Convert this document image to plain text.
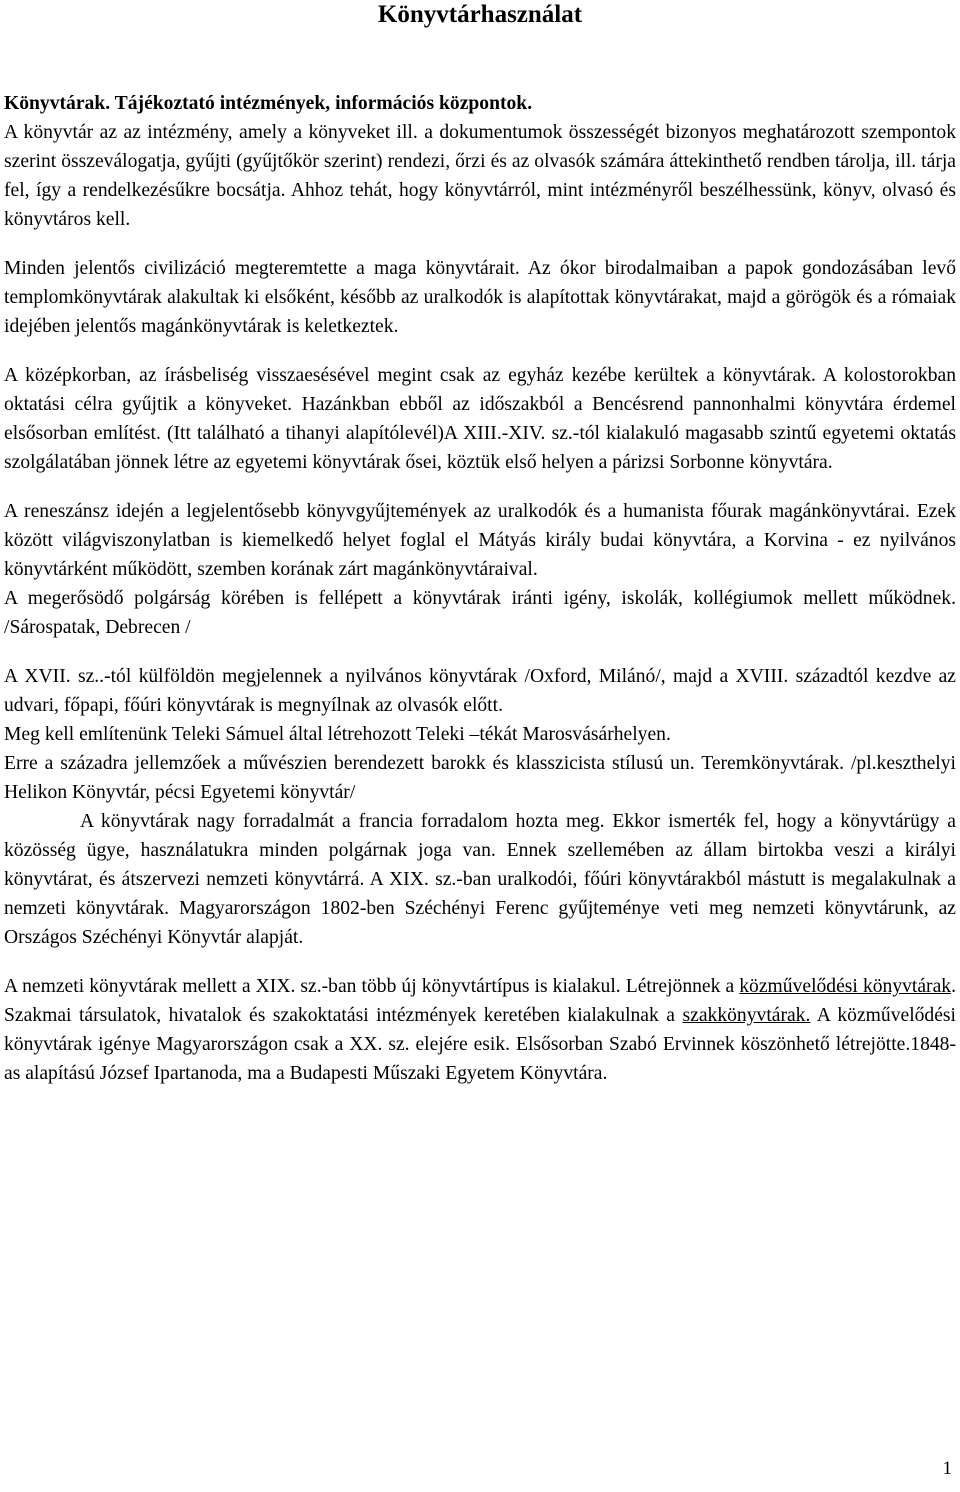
Könyvtárhasználat

Könyvtárak. Tájékoztató intézmények, információs központok.

A könyvtár az az intézmény, amely a könyveket ill. a dokumentumok összességét bizonyos meghatározott szempontok szerint összeválogatja, gyűjti (gyűjtőkör szerint) rendezi, őrzi és az olvasók számára áttekinthető rendben tárolja, ill. tárja fel, így a rendelkezésűkre bocsátja. Ahhoz tehát, hogy könyvtárról, mint intézményről beszélhessünk, könyv, olvasó és könyvtáros kell.

Minden jelentős civilizáció megteremtette a maga könyvtárait. Az ókor birodalmaiban a papok gondozásában levő templomkönyvtárak alakultak ki elsőként, később az uralkodók is alapítottak könyvtárakat, majd a görögök és a rómaiak idejében jelentős magánkönyvtárak is keletkeztek.

A középkorban, az írásbeliség visszaesésével megint csak az egyház kezébe kerültek a könyvtárak. A kolostorokban oktatási célra gyűjtik a könyveket. Hazánkban ebből az időszakból a Bencésrend pannonhalmi könyvtára érdemel elsősorban említést. (Itt található a tihanyi alapítólevél)A XIII.-XIV. sz.-tól kialakuló magasabb szintű egyetemi oktatás szolgálatában jönnek létre az egyetemi könyvtárak ősei, köztük első helyen a párizsi Sorbonne könyvtára.

A reneszánsz idején a legjelentősebb könyvgyűjtemények az uralkodók és a humanista főurak magánkönyvtárai. Ezek között világviszonylatban is kiemelkedő helyet foglal el Mátyás király budai könyvtára, a Korvina - ez nyilvános könyvtárként működött, szemben korának zárt magánkönyvtáraival.

A megerősödő polgárság körében is fellépett a könyvtárak iránti igény, iskolák, kollégiumok mellett működnek. /Sárospatak, Debrecen /

A XVII. sz..-tól külföldön megjelennek a nyilvános könyvtárak /Oxford, Milánó/, majd a XVIII. századtól kezdve az udvari, főpapi, főúri könyvtárak is megnyílnak az olvasók előtt.

Meg kell említenünk Teleki Sámuel által létrehozott Teleki –tékát Marosvásárhelyen.

Erre a századra jellemzőek a művészien berendezett barokk és klasszicista stílusú un. Teremkönyvtárak. /pl.keszthelyi Helikon Könyvtár, pécsi Egyetemi könyvtár/

A könyvtárak nagy forradalmát a francia forradalom hozta meg. Ekkor ismerték fel, hogy a könyvtárügy a közösség ügye, használatukra minden polgárnak joga van. Ennek szellemében az állam birtokba veszi a királyi könyvtárat, és átszervezi nemzeti könyvtárrá. A XIX. sz.-ban uralkodói, főúri könyvtárakból mástutt is megalakulnak a nemzeti könyvtárak. Magyarországon 1802-ben Széchényi Ferenc gyűjteménye veti meg nemzeti könyvtárunk, az Országos Széchényi Könyvtár alapját.

A nemzeti könyvtárak mellett a XIX. sz.-ban több új könyvtártípus is kialakul. Létrejönnek a közművelődési könyvtárak. Szakmai társulatok, hivatalok és szakoktatási intézmények keretében kialakulnak a szakkönyvtárak. A közművelődési könyvtárak igénye Magyarországon csak a XX. sz. elejére esik. Elsősorban Szabó Ervinnek köszönhető létrejötte.1848-as alapítású József Ipartanoda, ma a Budapesti Műszaki Egyetem Könyvtára.

1
